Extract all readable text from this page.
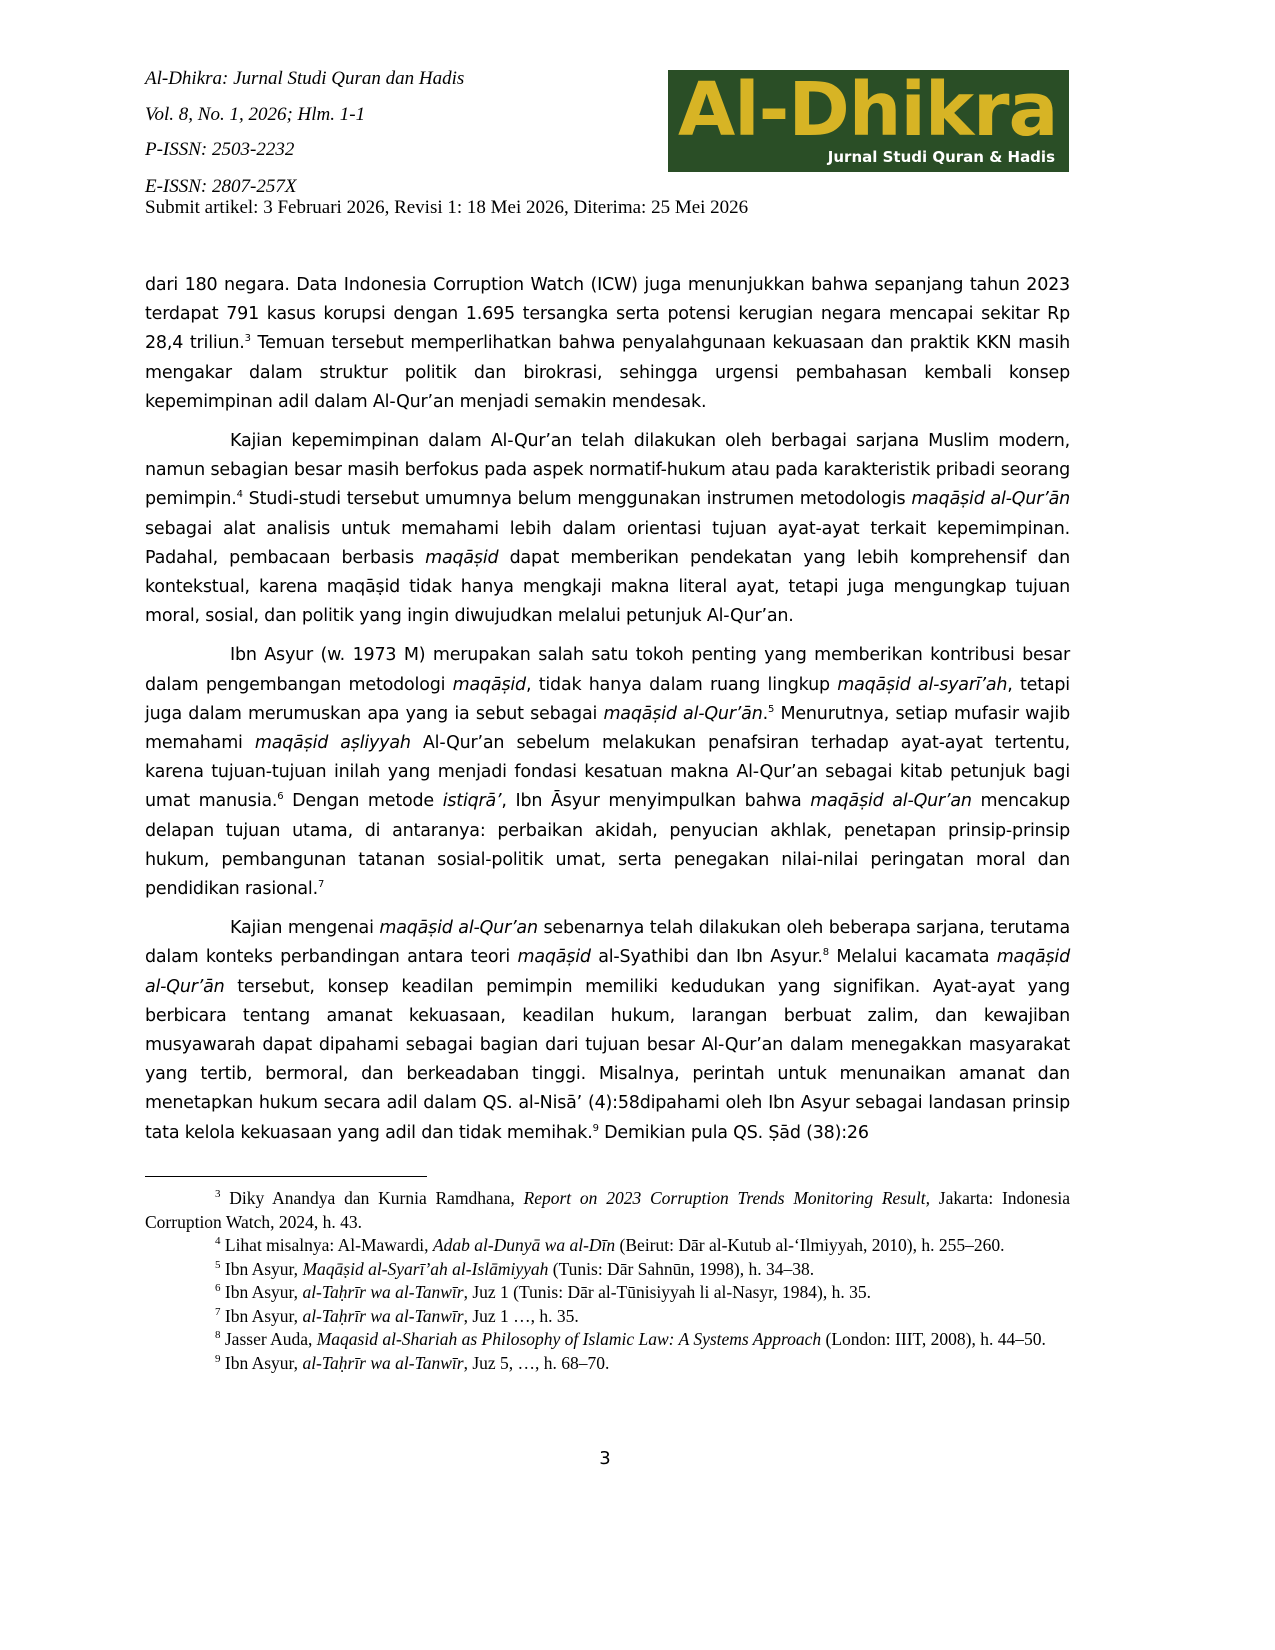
Al-Dhikra: Jurnal Studi Quran dan Hadis

Vol. 8, No. 1, 2026; Hlm. 1-1

P-ISSN: 2503-2232

E-ISSN: 2807-257X

Submit artikel: 3 Februari 2026, Revisi 1: 18 Mei 2026, Diterima: 25 Mei 2026

Al-Dhikra

Jurnal Studi Quran & Hadis

dari 180 negara. Data Indonesia Corruption Watch (ICW) juga menunjukkan bahwa sepanjang tahun 2023 terdapat 791 kasus korupsi dengan 1.695 tersangka serta potensi kerugian negara mencapai sekitar Rp 28,4 triliun.$^3$ Temuan tersebut memperlihatkan bahwa penyalahgunaan kekuasaan dan praktik KKN masih mengakar dalam struktur politik dan birokrasi, sehingga urgensi pembahasan kembali konsep kepemimpinan adil dalam Al-Qur’an menjadi semakin mendesak.

Kajian kepemimpinan dalam Al-Qur’an telah dilakukan oleh berbagai sarjana Muslim modern, namun sebagian besar masih berfokus pada aspek normatif-hukum atau pada karakteristik pribadi seorang pemimpin.$^4$ Studi-studi tersebut umumnya belum menggunakan instrumen metodologis maqāṣid al-Qur’ān sebagai alat analisis untuk memahami lebih dalam orientasi tujuan ayat-ayat terkait kepemimpinan. Padahal, pembacaan berbasis maqāṣid dapat memberikan pendekatan yang lebih komprehensif dan kontekstual, karena maqāṣid tidak hanya mengkaji makna literal ayat, tetapi juga mengungkap tujuan moral, sosial, dan politik yang ingin diwujudkan melalui petunjuk Al-Qur’an.

Ibn Asyur (w. 1973 M) merupakan salah satu tokoh penting yang memberikan kontribusi besar dalam pengembangan metodologi maqāṣid, tidak hanya dalam ruang lingkup maqāṣid al-syarī’ah, tetapi juga dalam merumuskan apa yang ia sebut sebagai maqāṣid al-Qur’ān.$^5$ Menurutnya, setiap mufasir wajib memahami maqāṣid aṣliyyah Al-Qur’an sebelum melakukan penafsiran terhadap ayat-ayat tertentu, karena tujuan-tujuan inilah yang menjadi fondasi kesatuan makna Al-Qur’an sebagai kitab petunjuk bagi umat manusia.$^6$ Dengan metode istiqrā’, Ibn Āsyur menyimpulkan bahwa maqāṣid al-Qur’an mencakup delapan tujuan utama, di antaranya: perbaikan akidah, penyucian akhlak, penetapan prinsip-prinsip hukum, pembangunan tatanan sosial-politik umat, serta penegakan nilai-nilai peringatan moral dan pendidikan rasional.$^7$

Kajian mengenai maqāṣid al-Qur’an sebenarnya telah dilakukan oleh beberapa sarjana, terutama dalam konteks perbandingan antara teori maqāṣid al-Syathibi dan Ibn Asyur.$^8$ Melalui kacamata maqāṣid al-Qur’ān tersebut, konsep keadilan pemimpin memiliki kedudukan yang signifikan. Ayat-ayat yang berbicara tentang amanat kekuasaan, keadilan hukum, larangan berbuat zalim, dan kewajiban musyawarah dapat dipahami sebagai bagian dari tujuan besar Al-Qur’an dalam menegakkan masyarakat yang tertib, bermoral, dan berkeadaban tinggi. Misalnya, perintah untuk menunaikan amanat dan menetapkan hukum secara adil dalam QS. al-Nisā’ (4):58dipahami oleh Ibn Asyur sebagai landasan prinsip tata kelola kekuasaan yang adil dan tidak memihak.$^9$ Demikian pula QS. Ṣād (38):26

$^3$ Diky Anandya dan Kurnia Ramdhana, Report on 2023 Corruption Trends Monitoring Result, Jakarta: Indonesia Corruption Watch, 2024, h. 43.

$^4$ Lihat misalnya: Al-Mawardi, Adab al-Dunyā wa al-Dīn (Beirut: Dār al-Kutub al-‘Ilmiyyah, 2010), h. 255–260.

$^5$ Ibn Asyur, Maqāṣid al-Syarī’ah al-Islāmiyyah (Tunis: Dār Sahnūn, 1998), h. 34–38.

$^6$ Ibn Asyur, al-Taḥrīr wa al-Tanwīr, Juz 1 (Tunis: Dār al-Tūnisiyyah li al-Nasyr, 1984), h. 35.

$^7$ Ibn Asyur, al-Taḥrīr wa al-Tanwīr, Juz 1 …, h. 35.

$^8$ Jasser Auda, Maqasid al-Shariah as Philosophy of Islamic Law: A Systems Approach (London: IIIT, 2008), h. 44–50.

$^9$ Ibn Asyur, al-Taḥrīr wa al-Tanwīr, Juz 5, …, h. 68–70.

3
